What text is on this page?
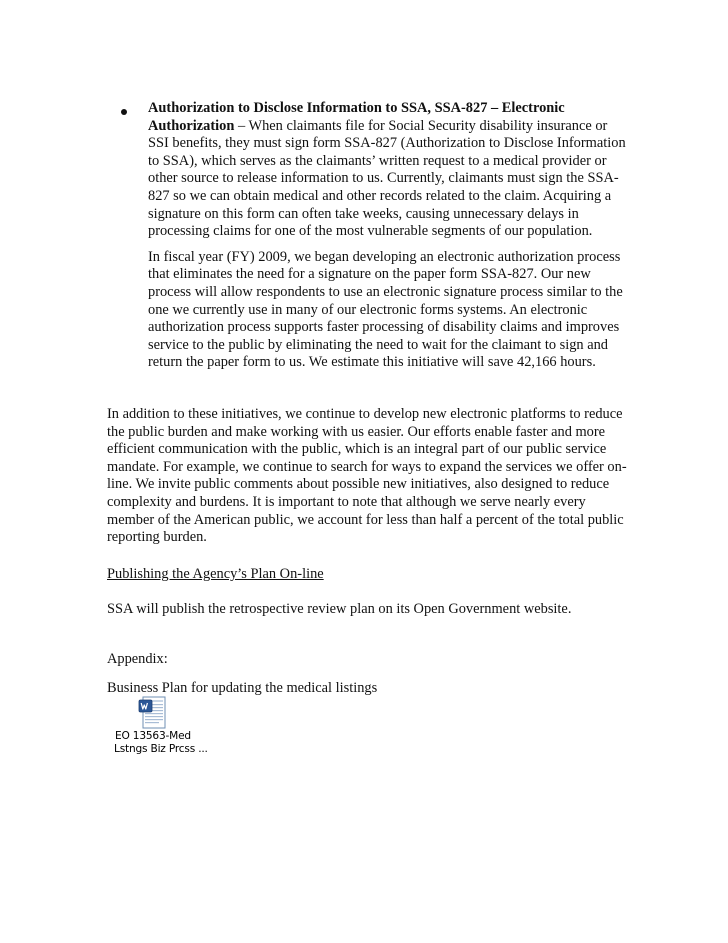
Authorization to Disclose Information to SSA, SSA-827 – Electronic Authorization – When claimants file for Social Security disability insurance or SSI benefits, they must sign form SSA-827 (Authorization to Disclose Information to SSA), which serves as the claimants’ written request to a medical provider or other source to release information to us. Currently, claimants must sign the SSA-827 so we can obtain medical and other records related to the claim. Acquiring a signature on this form can often take weeks, causing unnecessary delays in processing claims for one of the most vulnerable segments of our population.

In fiscal year (FY) 2009, we began developing an electronic authorization process that eliminates the need for a signature on the paper form SSA-827. Our new process will allow respondents to use an electronic signature process similar to the one we currently use in many of our electronic forms systems. An electronic authorization process supports faster processing of disability claims and improves service to the public by eliminating the need to wait for the claimant to sign and return the paper form to us. We estimate this initiative will save 42,166 hours.

In addition to these initiatives, we continue to develop new electronic platforms to reduce the public burden and make working with us easier. Our efforts enable faster and more efficient communication with the public, which is an integral part of our public service mandate. For example, we continue to search for ways to expand the services we offer on-line. We invite public comments about possible new initiatives, also designed to reduce complexity and burdens. It is important to note that although we serve nearly every member of the American public, we account for less than half a percent of the total public reporting burden.

Publishing the Agency’s Plan On-line

SSA will publish the retrospective review plan on its Open Government website.

Appendix:

Business Plan for updating the medical listings

EO 13563-Med
Lstngs Biz Prcss ...
